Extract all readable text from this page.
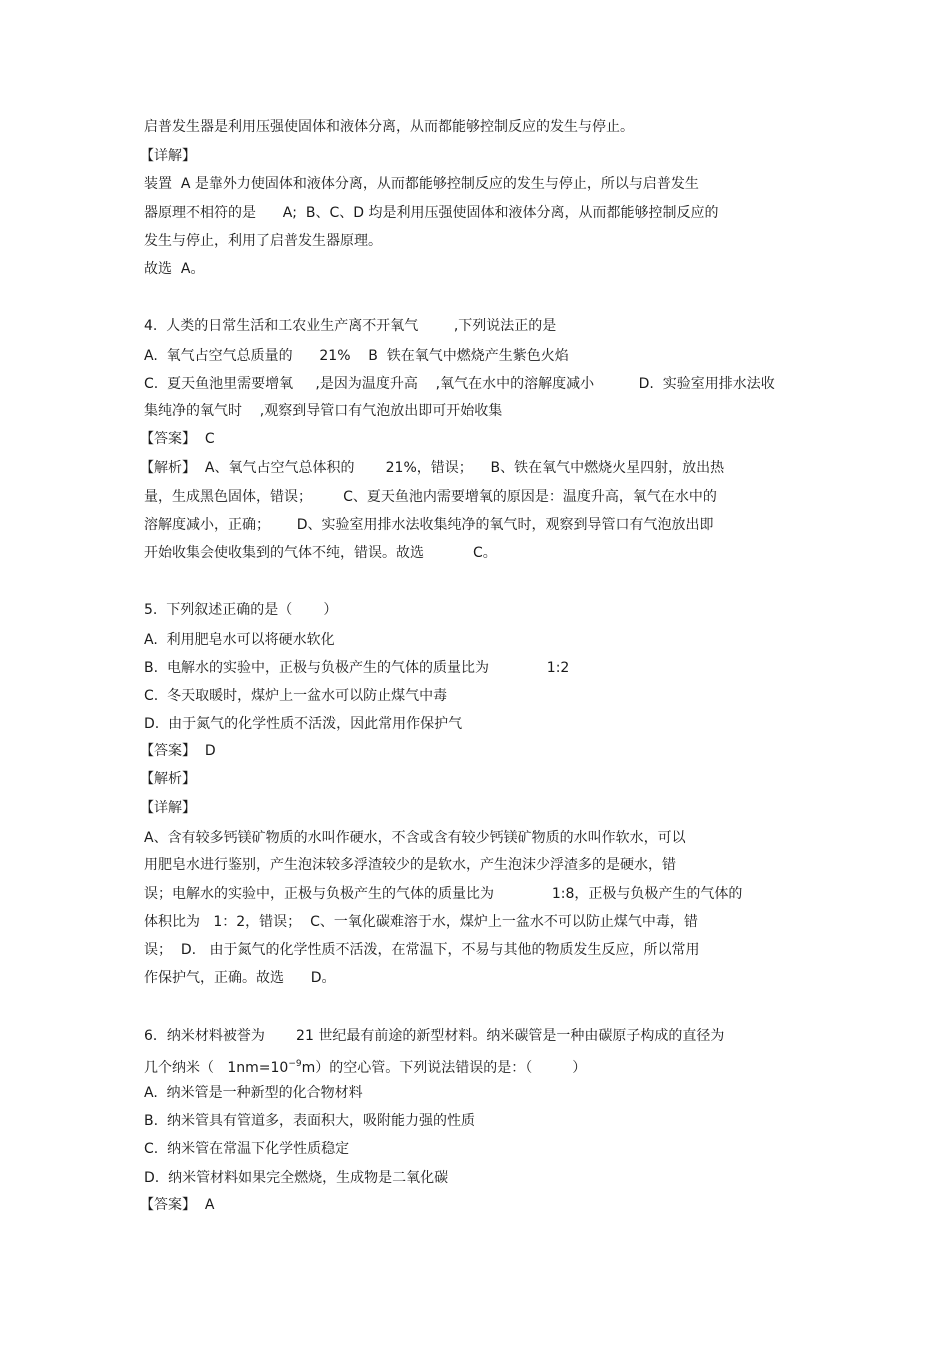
启普发生器是利用压强使固体和液体分离，从而都能够控制反应的发生与停止。
【详解】
装置  A 是靠外力使固体和液体分离，从而都能够控制反应的发生与停止，所以与启普发生
器原理不相符的是      A;  B、C、D 均是利用压强使固体和液体分离，从而都能够控制反应的
发生与停止，利用了启普发生器原理。
故选  A。
4.  人类的日常生活和工农业生产离不开氧气        ,下列说法正的是
A.  氧气占空气总质量的      21%    B  铁在氧气中燃烧产生紫色火焰
C.  夏天鱼池里需要增氧     ,是因为温度升高    ,氧气在水中的溶解度减小          D.  实验室用排水法收
集纯净的氧气时    ,观察到导管口有气泡放出即可开始收集
【答案】  C
【解析】  A、氧气占空气总体积的       21%，错误；    B、铁在氧气中燃烧火星四射，放出热
量，生成黑色固体，错误；       C、夏天鱼池内需要增氧的原因是：温度升高，氧气在水中的
溶解度减小，正确；      D、实验室用排水法收集纯净的氧气时，观察到导管口有气泡放出即
开始收集会使收集到的气体不纯，错误。故选           C。
5.  下列叙述正确的是（       ）
A.  利用肥皂水可以将硬水软化
B.  电解水的实验中，正极与负极产生的气体的质量比为             1:2
C.  冬天取暖时，煤炉上一盆水可以防止煤气中毒
D.  由于氮气的化学性质不活泼，因此常用作保护气
【答案】  D
【解析】
【详解】
A、含有较多钙镁矿物质的水叫作硬水，不含或含有较少钙镁矿物质的水叫作软水，可以
用肥皂水进行鉴别，产生泡沫较多浮渣较少的是软水，产生泡沫少浮渣多的是硬水，错
误；电解水的实验中，正极与负极产生的气体的质量比为             1:8，正极与负极产生的气体的
体积比为   1：2，错误；  C、一氧化碳难溶于水，煤炉上一盆水不可以防止煤气中毒，错
误；  D.   由于氮气的化学性质不活泼，在常温下，不易与其他的物质发生反应，所以常用
作保护气，正确。故选      D。
6．纳米材料被誉为       21 世纪最有前途的新型材料。纳米碳管是一种由碳原子构成的直径为
几个纳米（   $1nm=10^{-9}m$）的空心管。下列说法错误的是：（         ）
A.  纳米管是一种新型的化合物材料
B.  纳米管具有管道多，表面积大，吸附能力强的性质
C.  纳米管在常温下化学性质稳定
D.  纳米管材料如果完全燃烧，生成物是二氧化碳
【答案】  A
